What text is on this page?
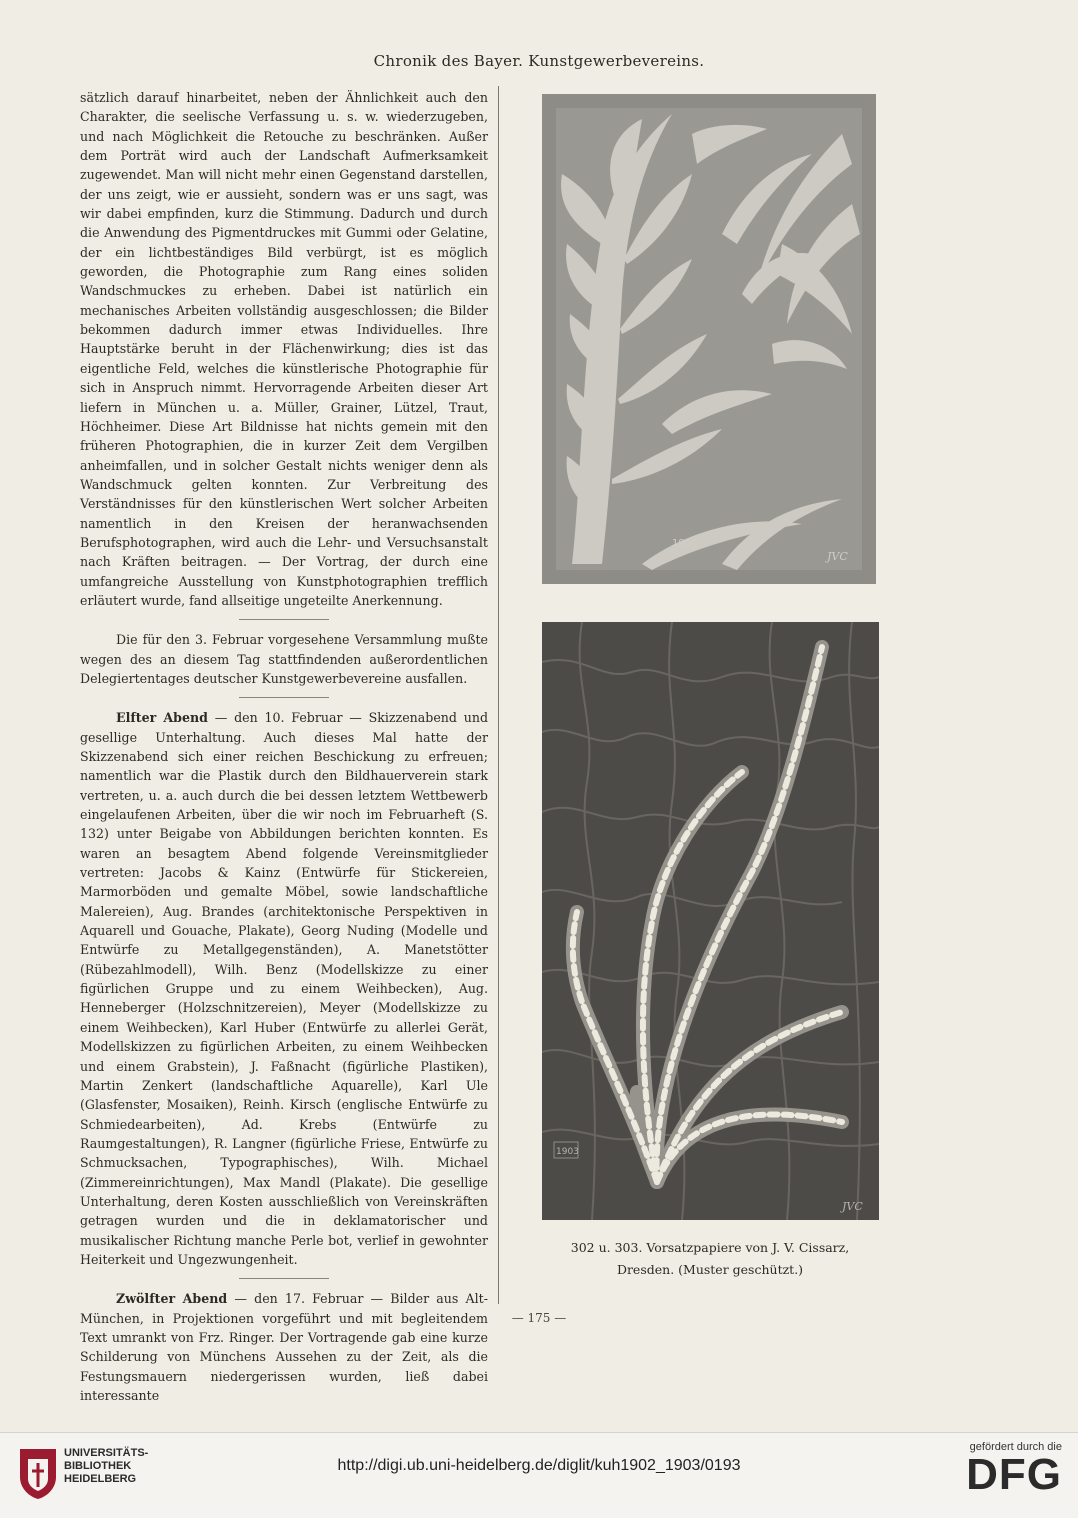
Chronik des Bayer. Kunstgewerbevereins.

sätzlich darauf hinarbeitet, neben der Ähnlichkeit auch den Charakter, die seelische Verfassung u. s. w. wiederzugeben, und nach Möglichkeit die Retouche zu beschränken. Außer dem Porträt wird auch der Landschaft Aufmerksamkeit zugewendet. Man will nicht mehr einen Gegenstand darstellen, der uns zeigt, wie er aussieht, sondern was er uns sagt, was wir dabei empfinden, kurz die Stimmung. Dadurch und durch die Anwendung des Pigmentdruckes mit Gummi oder Gelatine, der ein lichtbeständiges Bild verbürgt, ist es möglich geworden, die Photographie zum Rang eines soliden Wandschmuckes zu erheben. Dabei ist natürlich ein mechanisches Arbeiten vollständig ausgeschlossen; die Bilder bekommen dadurch immer etwas Individuelles. Ihre Hauptstärke beruht in der Flächenwirkung; dies ist das eigentliche Feld, welches die künstlerische Photographie für sich in Anspruch nimmt. Hervorragende Arbeiten dieser Art liefern in München u. a. Müller, Grainer, Lützel, Traut, Höchheimer. Diese Art Bildnisse hat nichts gemein mit den früheren Photographien, die in kurzer Zeit dem Vergilben anheimfallen, und in solcher Gestalt nichts weniger denn als Wandschmuck gelten konnten. Zur Verbreitung des Verständnisses für den künstlerischen Wert solcher Arbeiten namentlich in den Kreisen der heranwachsenden Berufsphotographen, wird auch die Lehr- und Versuchsanstalt nach Kräften beitragen. — Der Vortrag, der durch eine umfangreiche Ausstellung von Kunstphotographien trefflich erläutert wurde, fand allseitige ungeteilte Anerkennung.

Die für den 3. Februar vorgesehene Versammlung mußte wegen des an diesem Tag stattfindenden außerordentlichen Delegiertentages deutscher Kunstgewerbevereine ausfallen.

Elfter Abend — den 10. Februar — Skizzenabend und gesellige Unterhaltung. Auch dieses Mal hatte der Skizzenabend sich einer reichen Beschickung zu erfreuen; namentlich war die Plastik durch den Bildhauerverein stark vertreten, u. a. auch durch die bei dessen letztem Wettbewerb eingelaufenen Arbeiten, über die wir noch im Februarheft (S. 132) unter Beigabe von Abbildungen berichten konnten. Es waren an besagtem Abend folgende Vereinsmitglieder vertreten: Jacobs & Kainz (Entwürfe für Stickereien, Marmorböden und gemalte Möbel, sowie landschaftliche Malereien), Aug. Brandes (architektonische Perspektiven in Aquarell und Gouache, Plakate), Georg Nuding (Modelle und Entwürfe zu Metallgegenständen), A. Manetstötter (Rübezahlmodell), Wilh. Benz (Modellskizze zu einer figürlichen Gruppe und zu einem Weihbecken), Aug. Henneberger (Holzschnitzereien), Meyer (Modellskizze zu einem Weihbecken), Karl Huber (Entwürfe zu allerlei Gerät, Modellskizzen zu figürlichen Arbeiten, zu einem Weihbecken und einem Grabstein), J. Faßnacht (figürliche Plastiken), Martin Zenkert (landschaftliche Aquarelle), Karl Ule (Glasfenster, Mosaiken), Reinh. Kirsch (englische Entwürfe zu Schmiedearbeiten), Ad. Krebs (Entwürfe zu Raumgestaltungen), R. Langner (figürliche Friese, Entwürfe zu Schmucksachen, Typographisches), Wilh. Michael (Zimmereinrichtungen), Max Mandl (Plakate). Die gesellige Unterhaltung, deren Kosten ausschließlich von Vereinskräften getragen wurden und die in deklamatorischer und musikalischer Richtung manche Perle bot, verlief in gewohnter Heiterkeit und Ungezwungenheit.

Zwölfter Abend — den 17. Februar — Bilder aus Alt-München, in Projektionen vorgeführt und mit begleitendem Text umrankt von Frz. Ringer. Der Vortragende gab eine kurze Schilderung von Münchens Aussehen zu der Zeit, als die Festungsmauern niedergerissen wurden, ließ dabei interessante

1900
JVC
1903
JVC
302 u. 303. Vorsatzpapiere von J. V. Cissarz,
Dresden. (Muster geschützt.)
— 175 —
UNIVERSITÄTS-
BIBLIOTHEK
HEIDELBERG
http://digi.ub.uni-heidelberg.de/diglit/kuh1902_1903/0193
gefördert durch die
DFG
